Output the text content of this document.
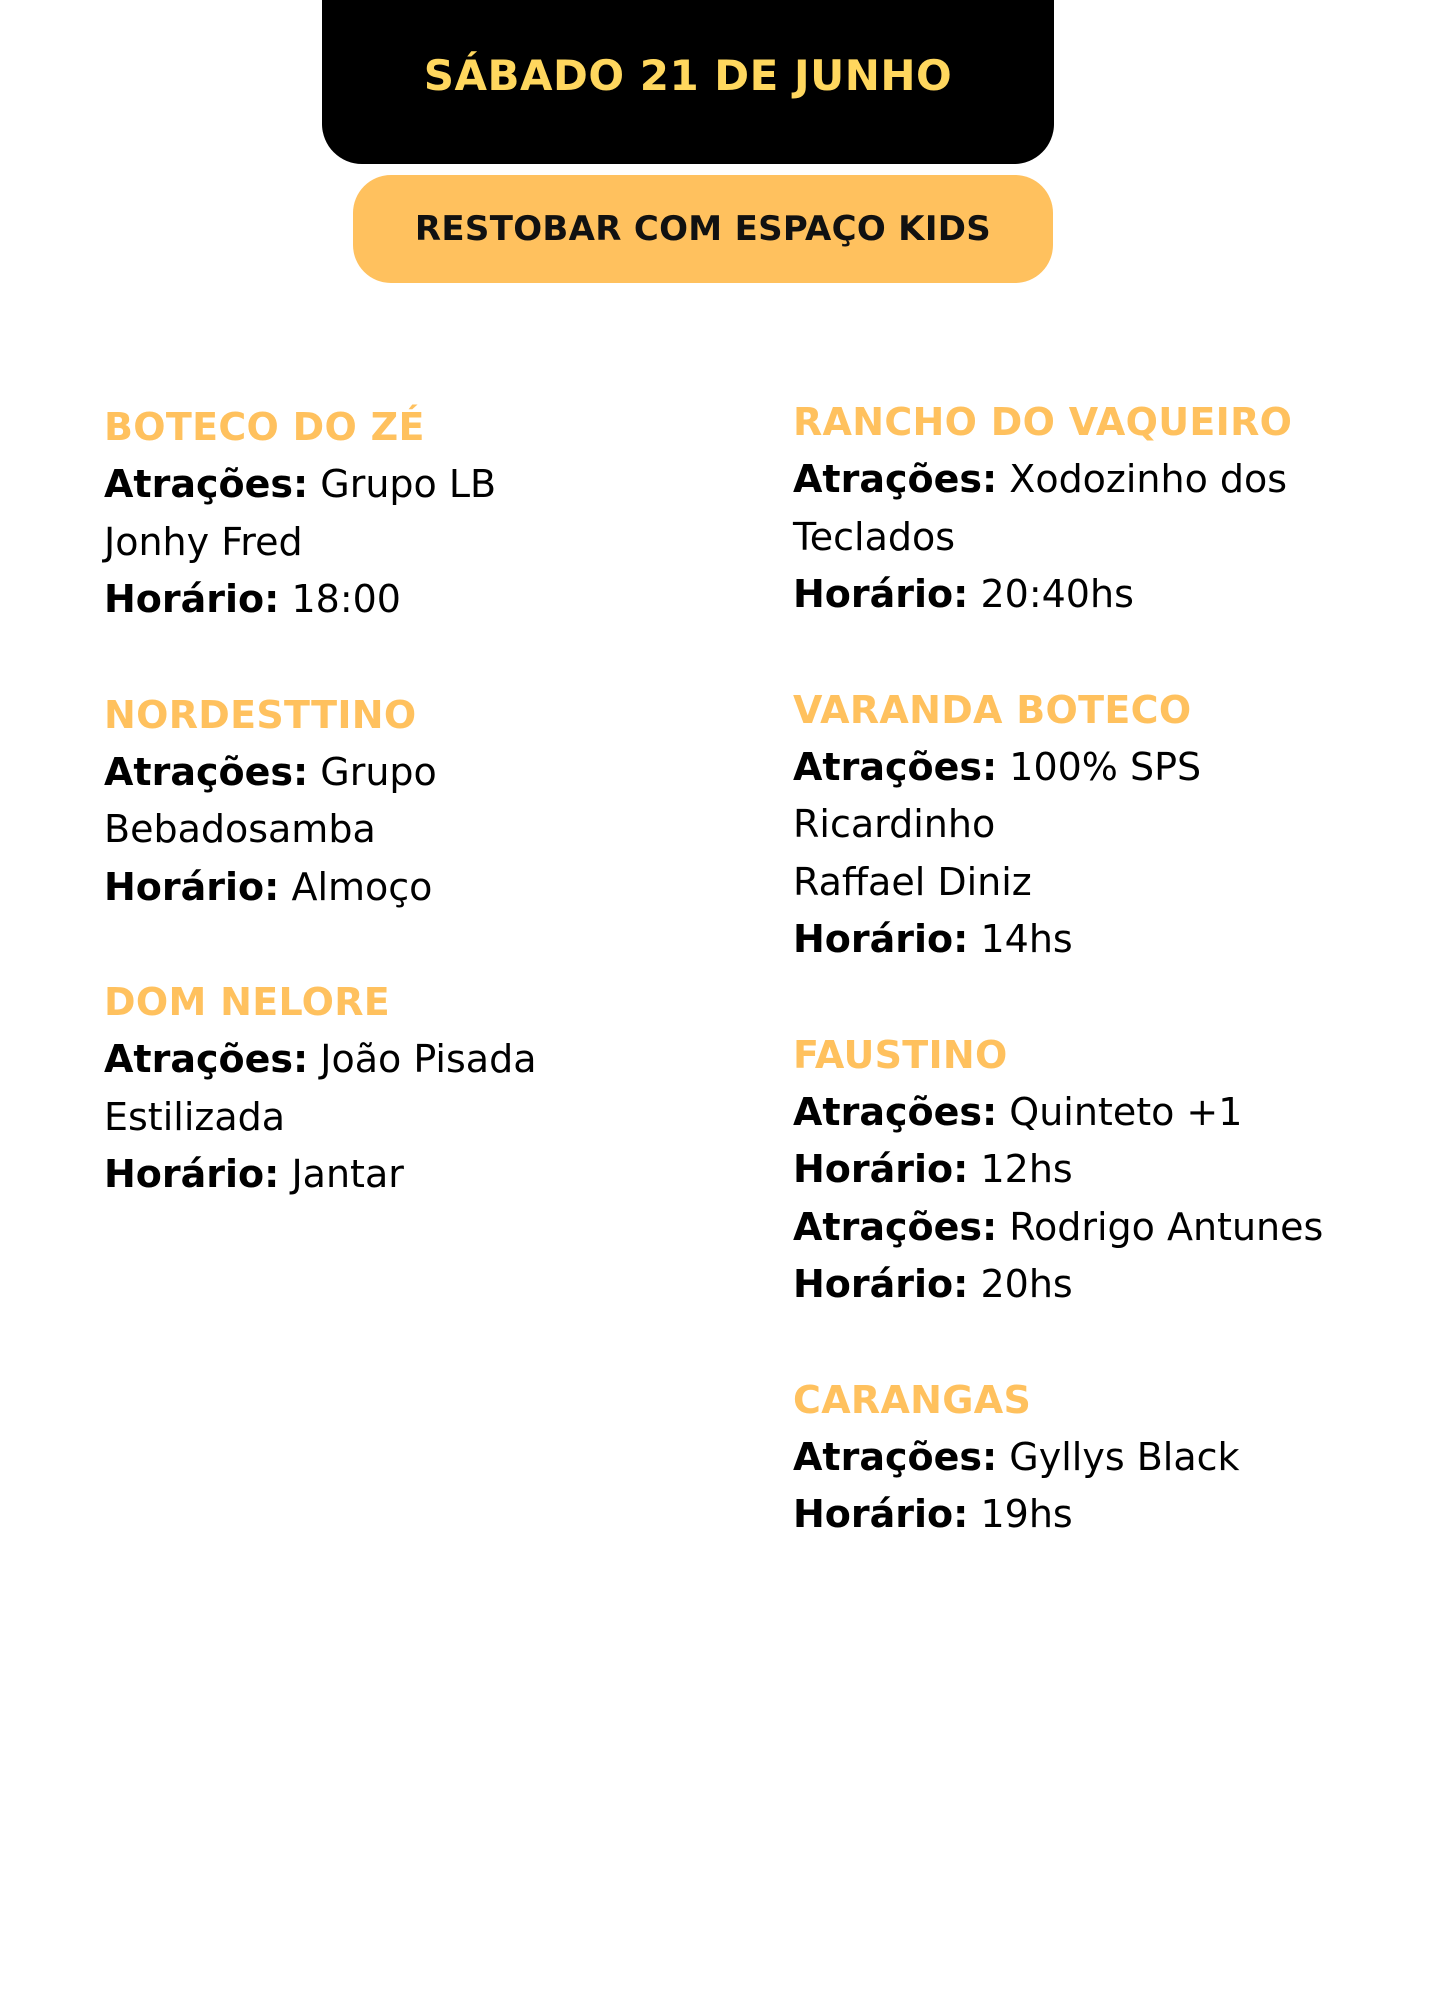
SÁBADO 21 DE JUNHO
RESTOBAR COM ESPAÇO KIDS
BOTECO DO ZÉ
Atrações: Grupo LB
Jonhy Fred
Horário: 18:00
NORDESTTINO
Atrações: Grupo
Bebadosamba
Horário: Almoço
DOM NELORE
Atrações: João Pisada
Estilizada
Horário: Jantar
RANCHO DO VAQUEIRO
Atrações: Xodozinho dos
Teclados
Horário: 20:40hs
VARANDA BOTECO
Atrações: 100% SPS
Ricardinho
Raffael Diniz
Horário: 14hs
FAUSTINO
Atrações: Quinteto +1
Horário: 12hs
Atrações: Rodrigo Antunes
Horário: 20hs
CARANGAS
Atrações: Gyllys Black
Horário: 19hs
